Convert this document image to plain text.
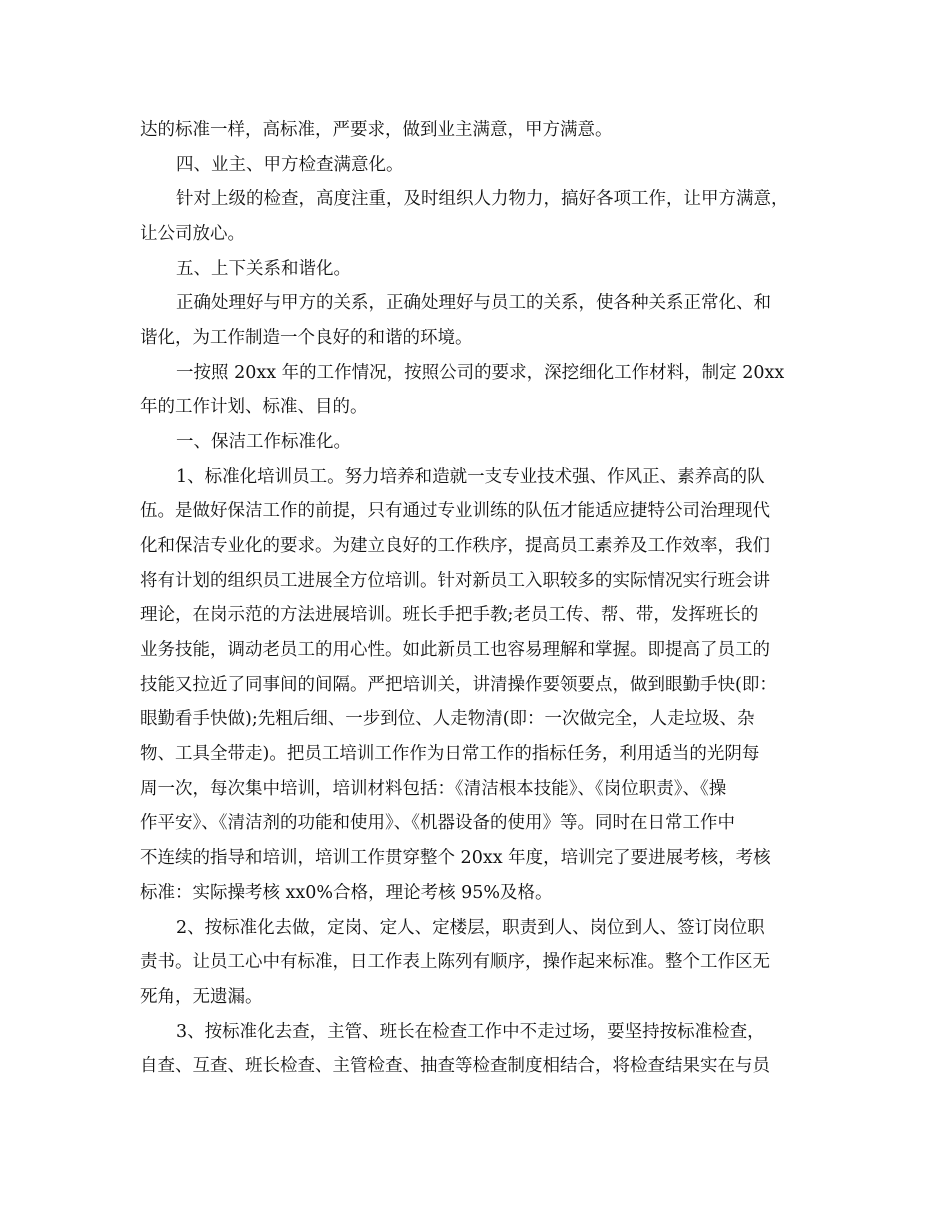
达的标准一样，高标准，严要求，做到业主满意，甲方满意。
四、业主、甲方检查满意化。
针对上级的检查，高度注重，及时组织人力物力，搞好各项工作，让甲方满意，
让公司放心。
五、上下关系和谐化。
正确处理好与甲方的关系，正确处理好与员工的关系，使各种关系正常化、和
谐化，为工作制造一个良好的和谐的环境。
一按照 20xx 年的工作情况，按照公司的要求，深挖细化工作材料，制定 20xx
年的工作计划、标准、目的。
一、保洁工作标准化。
1、标准化培训员工。努力培养和造就一支专业技术强、作风正、素养高的队
伍。是做好保洁工作的前提，只有通过专业训练的队伍才能适应捷特公司治理现代
化和保洁专业化的要求。为建立良好的工作秩序，提高员工素养及工作效率，我们
将有计划的组织员工进展全方位培训。针对新员工入职较多的实际情况实行班会讲
理论，在岗示范的方法进展培训。班长手把手教;老员工传、帮、带，发挥班长的
业务技能，调动老员工的用心性。如此新员工也容易理解和掌握。即提高了员工的
技能又拉近了同事间的间隔。严把培训关，讲清操作要领要点，做到眼勤手快(即：
眼勤看手快做);先粗后细、一步到位、人走物清(即：一次做完全，人走垃圾、杂
物、工具全带走)。把员工培训工作作为日常工作的指标任务，利用适当的光阴每
周一次，每次集中培训，培训材料包括：《清洁根本技能》、《岗位职责》、《操
作平安》、《清洁剂的功能和使用》、《机器设备的使用》等。同时在日常工作中
不连续的指导和培训，培训工作贯穿整个 20xx 年度，培训完了要进展考核，考核
标准：实际操考核 xx0%合格，理论考核 95%及格。
2、按标准化去做，定岗、定人、定楼层，职责到人、岗位到人、签订岗位职
责书。让员工心中有标准，日工作表上陈列有顺序，操作起来标准。整个工作区无
死角，无遗漏。
3、按标准化去查，主管、班长在检查工作中不走过场，要坚持按标准检查，
自查、互查、班长检查、主管检查、抽查等检查制度相结合，将检查结果实在与员
